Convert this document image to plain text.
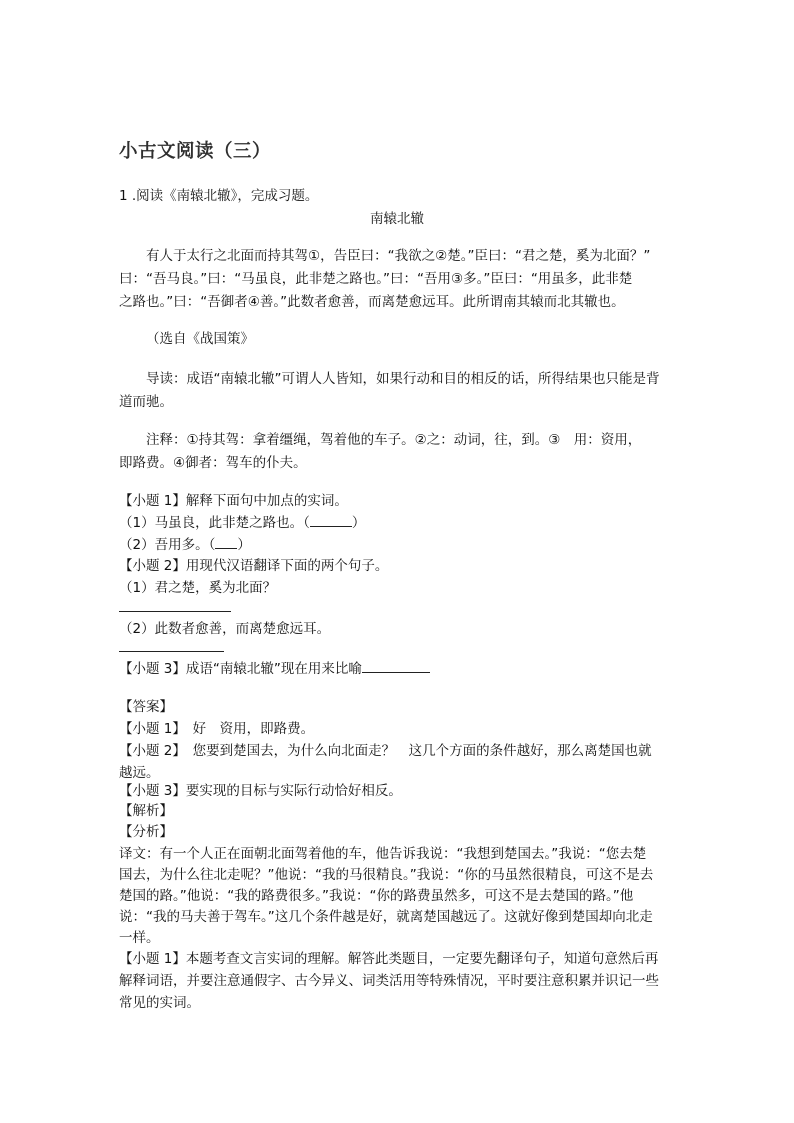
小古文阅读（三）
1 .阅读《南辕北辙》，完成习题。
南辕北辙
有人于太行之北面而持其驾①，告臣曰：“我欲之②楚。”臣曰：“君之楚，奚为北面？”
曰：“吾马良。”曰：“马虽良，此非楚之路也。”曰：“吾用③多。”臣曰：“用虽多，此非楚
之路也。”曰：“吾御者④善。”此数者愈善，而离楚愈远耳。此所谓南其辕而北其辙也。
（选自《战国策》
导读：成语“南辕北辙”可谓人人皆知，如果行动和目的相反的话，所得结果也只能是背
道而驰。
注释：①持其驾：拿着缰绳，驾着他的车子。②之：动词，往，到。③　用：资用，
即路费。④御者：驾车的仆夫。
【小题 1】解释下面句中加点的实词。
（1）马虽良，此非楚之路也。（	）
（2）吾用多。（ ）
【小题 2】用现代汉语翻译下面的两个句子。
（1）君之楚，奚为北面？
（2）此数者愈善，而离楚愈远耳。
【小题 3】成语“南辕北辙”现在用来比喻
【答案】
【小题 1】　好　资用，即路费。
【小题 2】　您要到楚国去，为什么向北面走？　这几个方面的条件越好，那么离楚国也就
越远。
【小题 3】要实现的目标与实际行动恰好相反。
【解析】
【分析】
译文：有一个人正在面朝北面驾着他的车，他告诉我说：“我想到楚国去。”我说：“您去楚
国去，为什么往北走呢？”他说：“我的马很精良。”我说：“你的马虽然很精良，可这不是去
楚国的路。”他说：“我的路费很多。”我说：“你的路费虽然多，可这不是去楚国的路。”他
说：“我的马夫善于驾车。”这几个条件越是好，就离楚国越远了。这就好像到楚国却向北走
一样。
【小题 1】本题考查文言实词的理解。解答此类题目，一定要先翻译句子，知道句意然后再
解释词语，并要注意通假字、古今异义、词类活用等特殊情况，平时要注意积累并识记一些
常见的实词。
